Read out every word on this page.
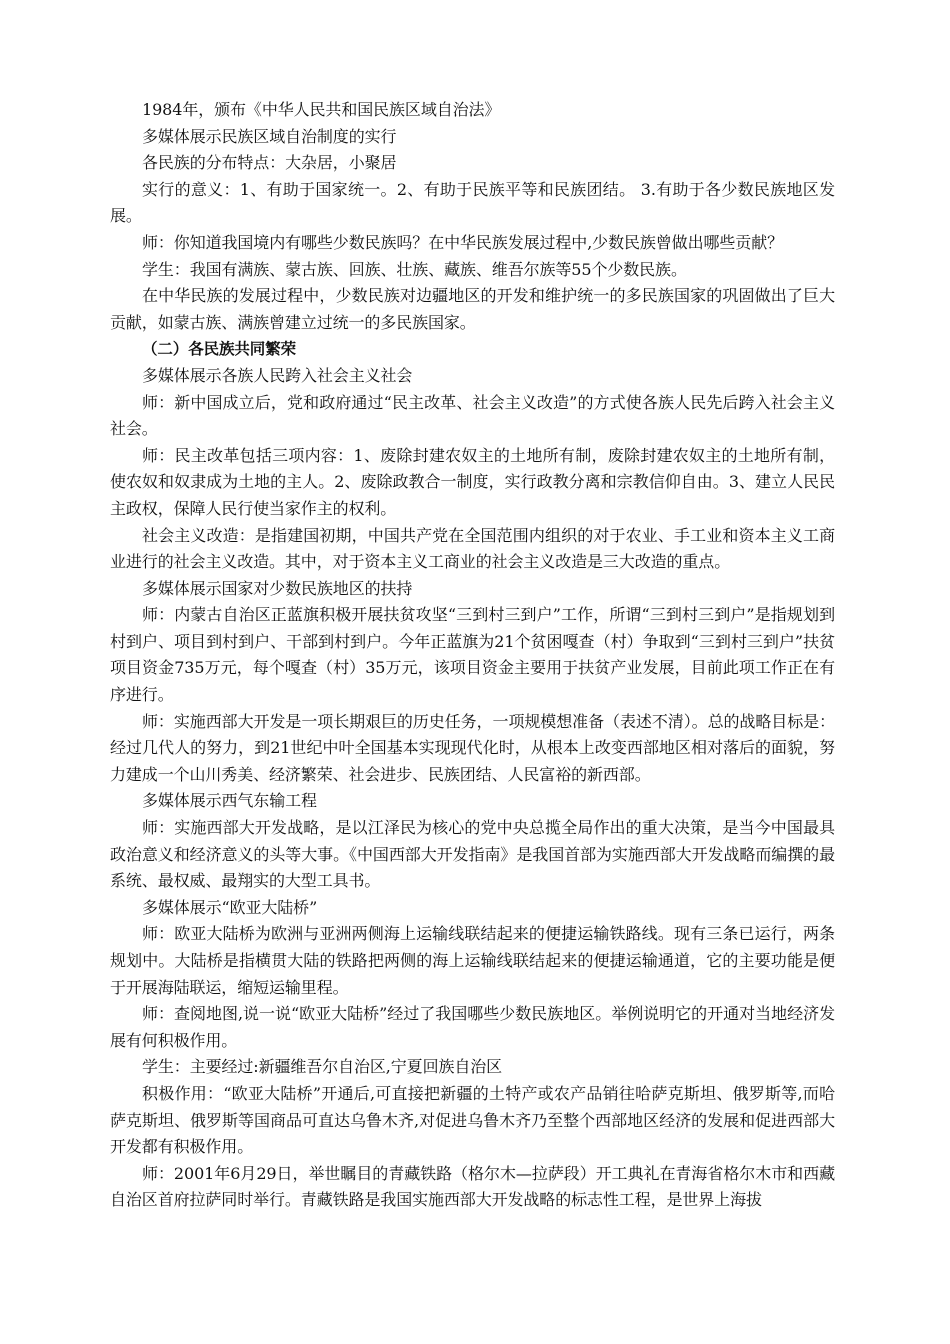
1984年，颁布《中华人民共和国民族区域自治法》

多媒体展示民族区域自治制度的实行

各民族的分布特点：大杂居，小聚居

实行的意义：1、有助于国家统一。2、有助于民族平等和民族团结。 3.有助于各少数民族地区发展。

师：你知道我国境内有哪些少数民族吗？在中华民族发展过程中,少数民族曾做出哪些贡献？

学生：我国有满族、蒙古族、回族、壮族、藏族、维吾尔族等55个少数民族。

在中华民族的发展过程中，少数民族对边疆地区的开发和维护统一的多民族国家的巩固做出了巨大贡献，如蒙古族、满族曾建立过统一的多民族国家。

（二）各民族共同繁荣

多媒体展示各族人民跨入社会主义社会

师：新中国成立后，党和政府通过“民主改革、社会主义改造”的方式使各族人民先后跨入社会主义社会。

师：民主改革包括三项内容：1、废除封建农奴主的土地所有制，废除封建农奴主的土地所有制，使农奴和奴隶成为土地的主人。2、废除政教合一制度，实行政教分离和宗教信仰自由。3、建立人民民主政权，保障人民行使当家作主的权利。

社会主义改造：是指建国初期，中国共产党在全国范围内组织的对于农业、手工业和资本主义工商业进行的社会主义改造。其中，对于资本主义工商业的社会主义改造是三大改造的重点。

多媒体展示国家对少数民族地区的扶持

师：内蒙古自治区正蓝旗积极开展扶贫攻坚“三到村三到户”工作，所谓“三到村三到户”是指规划到村到户、项目到村到户、干部到村到户。今年正蓝旗为21个贫困嘎查（村）争取到“三到村三到户”扶贫项目资金735万元，每个嘎查（村）35万元，该项目资金主要用于扶贫产业发展，目前此项工作正在有序进行。

师：实施西部大开发是一项长期艰巨的历史任务，一项规模想准备（表述不清）。总的战略目标是：经过几代人的努力，到21世纪中叶全国基本实现现代化时，从根本上改变西部地区相对落后的面貌，努力建成一个山川秀美、经济繁荣、社会进步、民族团结、人民富裕的新西部。

多媒体展示西气东输工程

师：实施西部大开发战略，是以江泽民为核心的党中央总揽全局作出的重大决策，是当今中国最具政治意义和经济意义的头等大事。《中国西部大开发指南》是我国首部为实施西部大开发战略而编撰的最系统、最权威、最翔实的大型工具书。

多媒体展示“欧亚大陆桥”

师：欧亚大陆桥为欧洲与亚洲两侧海上运输线联结起来的便捷运输铁路线。现有三条已运行，两条规划中。大陆桥是指横贯大陆的铁路把两侧的海上运输线联结起来的便捷运输通道，它的主要功能是便于开展海陆联运，缩短运输里程。

师：查阅地图,说一说“欧亚大陆桥”经过了我国哪些少数民族地区。举例说明它的开通对当地经济发展有何积极作用。

学生：主要经过:新疆维吾尔自治区,宁夏回族自治区

积极作用：“欧亚大陆桥”开通后,可直接把新疆的土特产或农产品销往哈萨克斯坦、俄罗斯等,而哈萨克斯坦、俄罗斯等国商品可直达乌鲁木齐,对促进乌鲁木齐乃至整个西部地区经济的发展和促进西部大开发都有积极作用。

师：2001年6月29日，举世瞩目的青藏铁路（格尔木—拉萨段）开工典礼在青海省格尔木市和西藏自治区首府拉萨同时举行。青藏铁路是我国实施西部大开发战略的标志性工程，是世界上海拔
